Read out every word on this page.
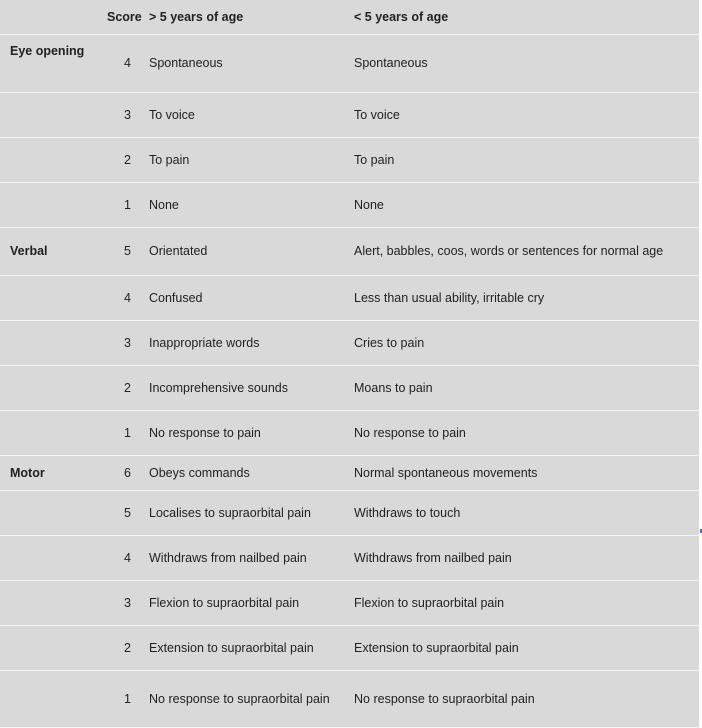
	Score	> 5 years of age	< 5 years of age
Eye opening	4	Spontaneous	Spontaneous
	3	To voice	To voice
	2	To pain	To pain
	1	None	None
Verbal	5	Orientated	Alert, babbles, coos, words or sentences for normal age
	4	Confused	Less than usual ability, irritable cry
	3	Inappropriate words	Cries to pain
	2	Incomprehensive sounds	Moans to pain
	1	No response to pain	No response to pain
Motor	6	Obeys commands	Normal spontaneous movements
	5	Localises to supraorbital pain	Withdraws to touch
	4	Withdraws from nailbed pain	Withdraws from nailbed pain
	3	Flexion to supraorbital pain	Flexion to supraorbital pain
	2	Extension to supraorbital pain	Extension to supraorbital pain
	1	No response to supraorbital pain	No response to supraorbital pain
